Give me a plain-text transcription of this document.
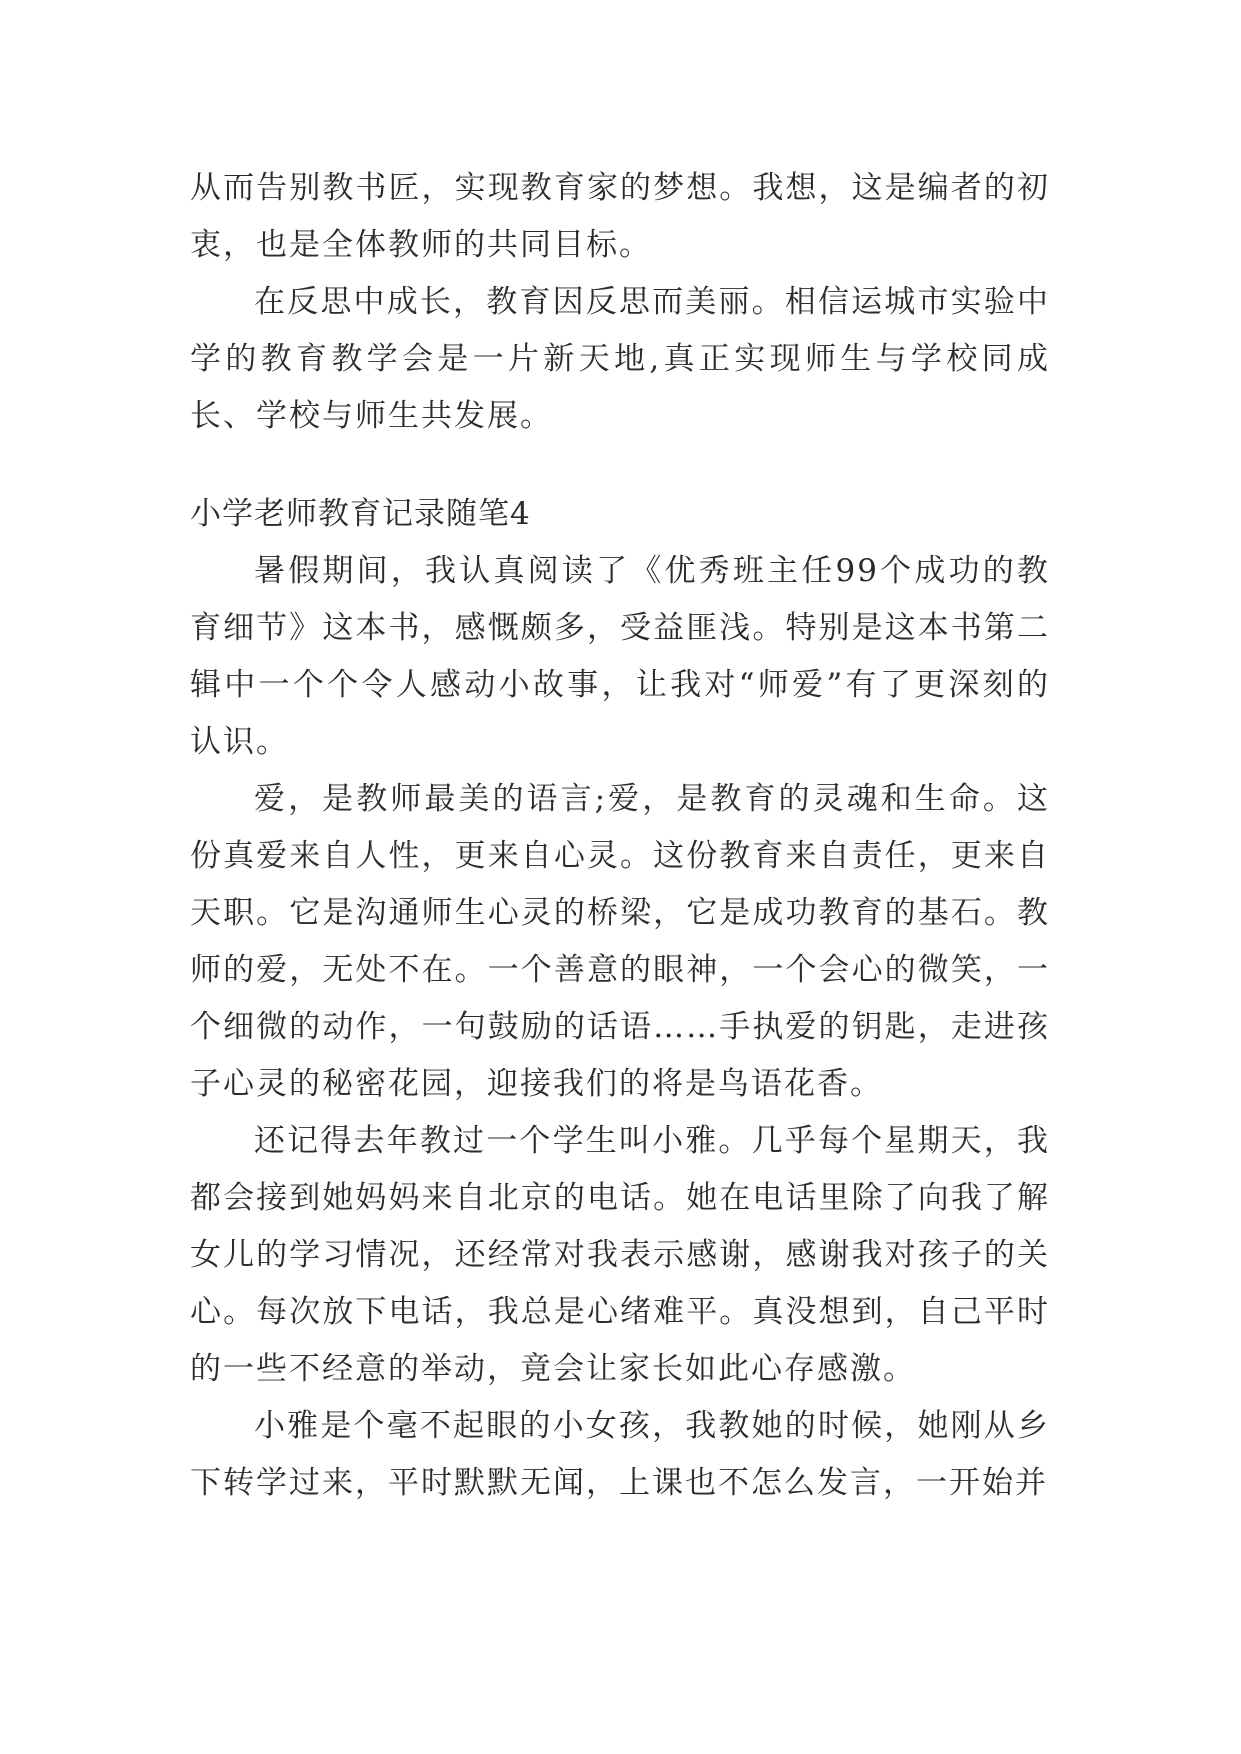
从而告别教书匠，实现教育家的梦想。我想，这是编者的初衷，也是全体教师的共同目标。

在反思中成长，教育因反思而美丽。相信运城市实验中学的教育教学会是一片新天地,真正实现师生与学校同成长、学校与师生共发展。

小学老师教育记录随笔4

暑假期间，我认真阅读了《优秀班主任99个成功的教育细节》这本书，感慨颇多，受益匪浅。特别是这本书第二辑中一个个令人感动小故事，让我对“师爱”有了更深刻的认识。

爱，是教师最美的语言;爱，是教育的灵魂和生命。这份真爱来自人性，更来自心灵。这份教育来自责任，更来自天职。它是沟通师生心灵的桥梁，它是成功教育的基石。教师的爱，无处不在。一个善意的眼神，一个会心的微笑，一个细微的动作，一句鼓励的话语……手执爱的钥匙，走进孩子心灵的秘密花园，迎接我们的将是鸟语花香。

还记得去年教过一个学生叫小雅。几乎每个星期天，我都会接到她妈妈来自北京的电话。她在电话里除了向我了解女儿的学习情况，还经常对我表示感谢，感谢我对孩子的关心。每次放下电话，我总是心绪难平。真没想到，自己平时的一些不经意的举动，竟会让家长如此心存感激。

小雅是个毫不起眼的小女孩，我教她的时候，她刚从乡下转学过来，平时默默无闻，上课也不怎么发言，一开始并
